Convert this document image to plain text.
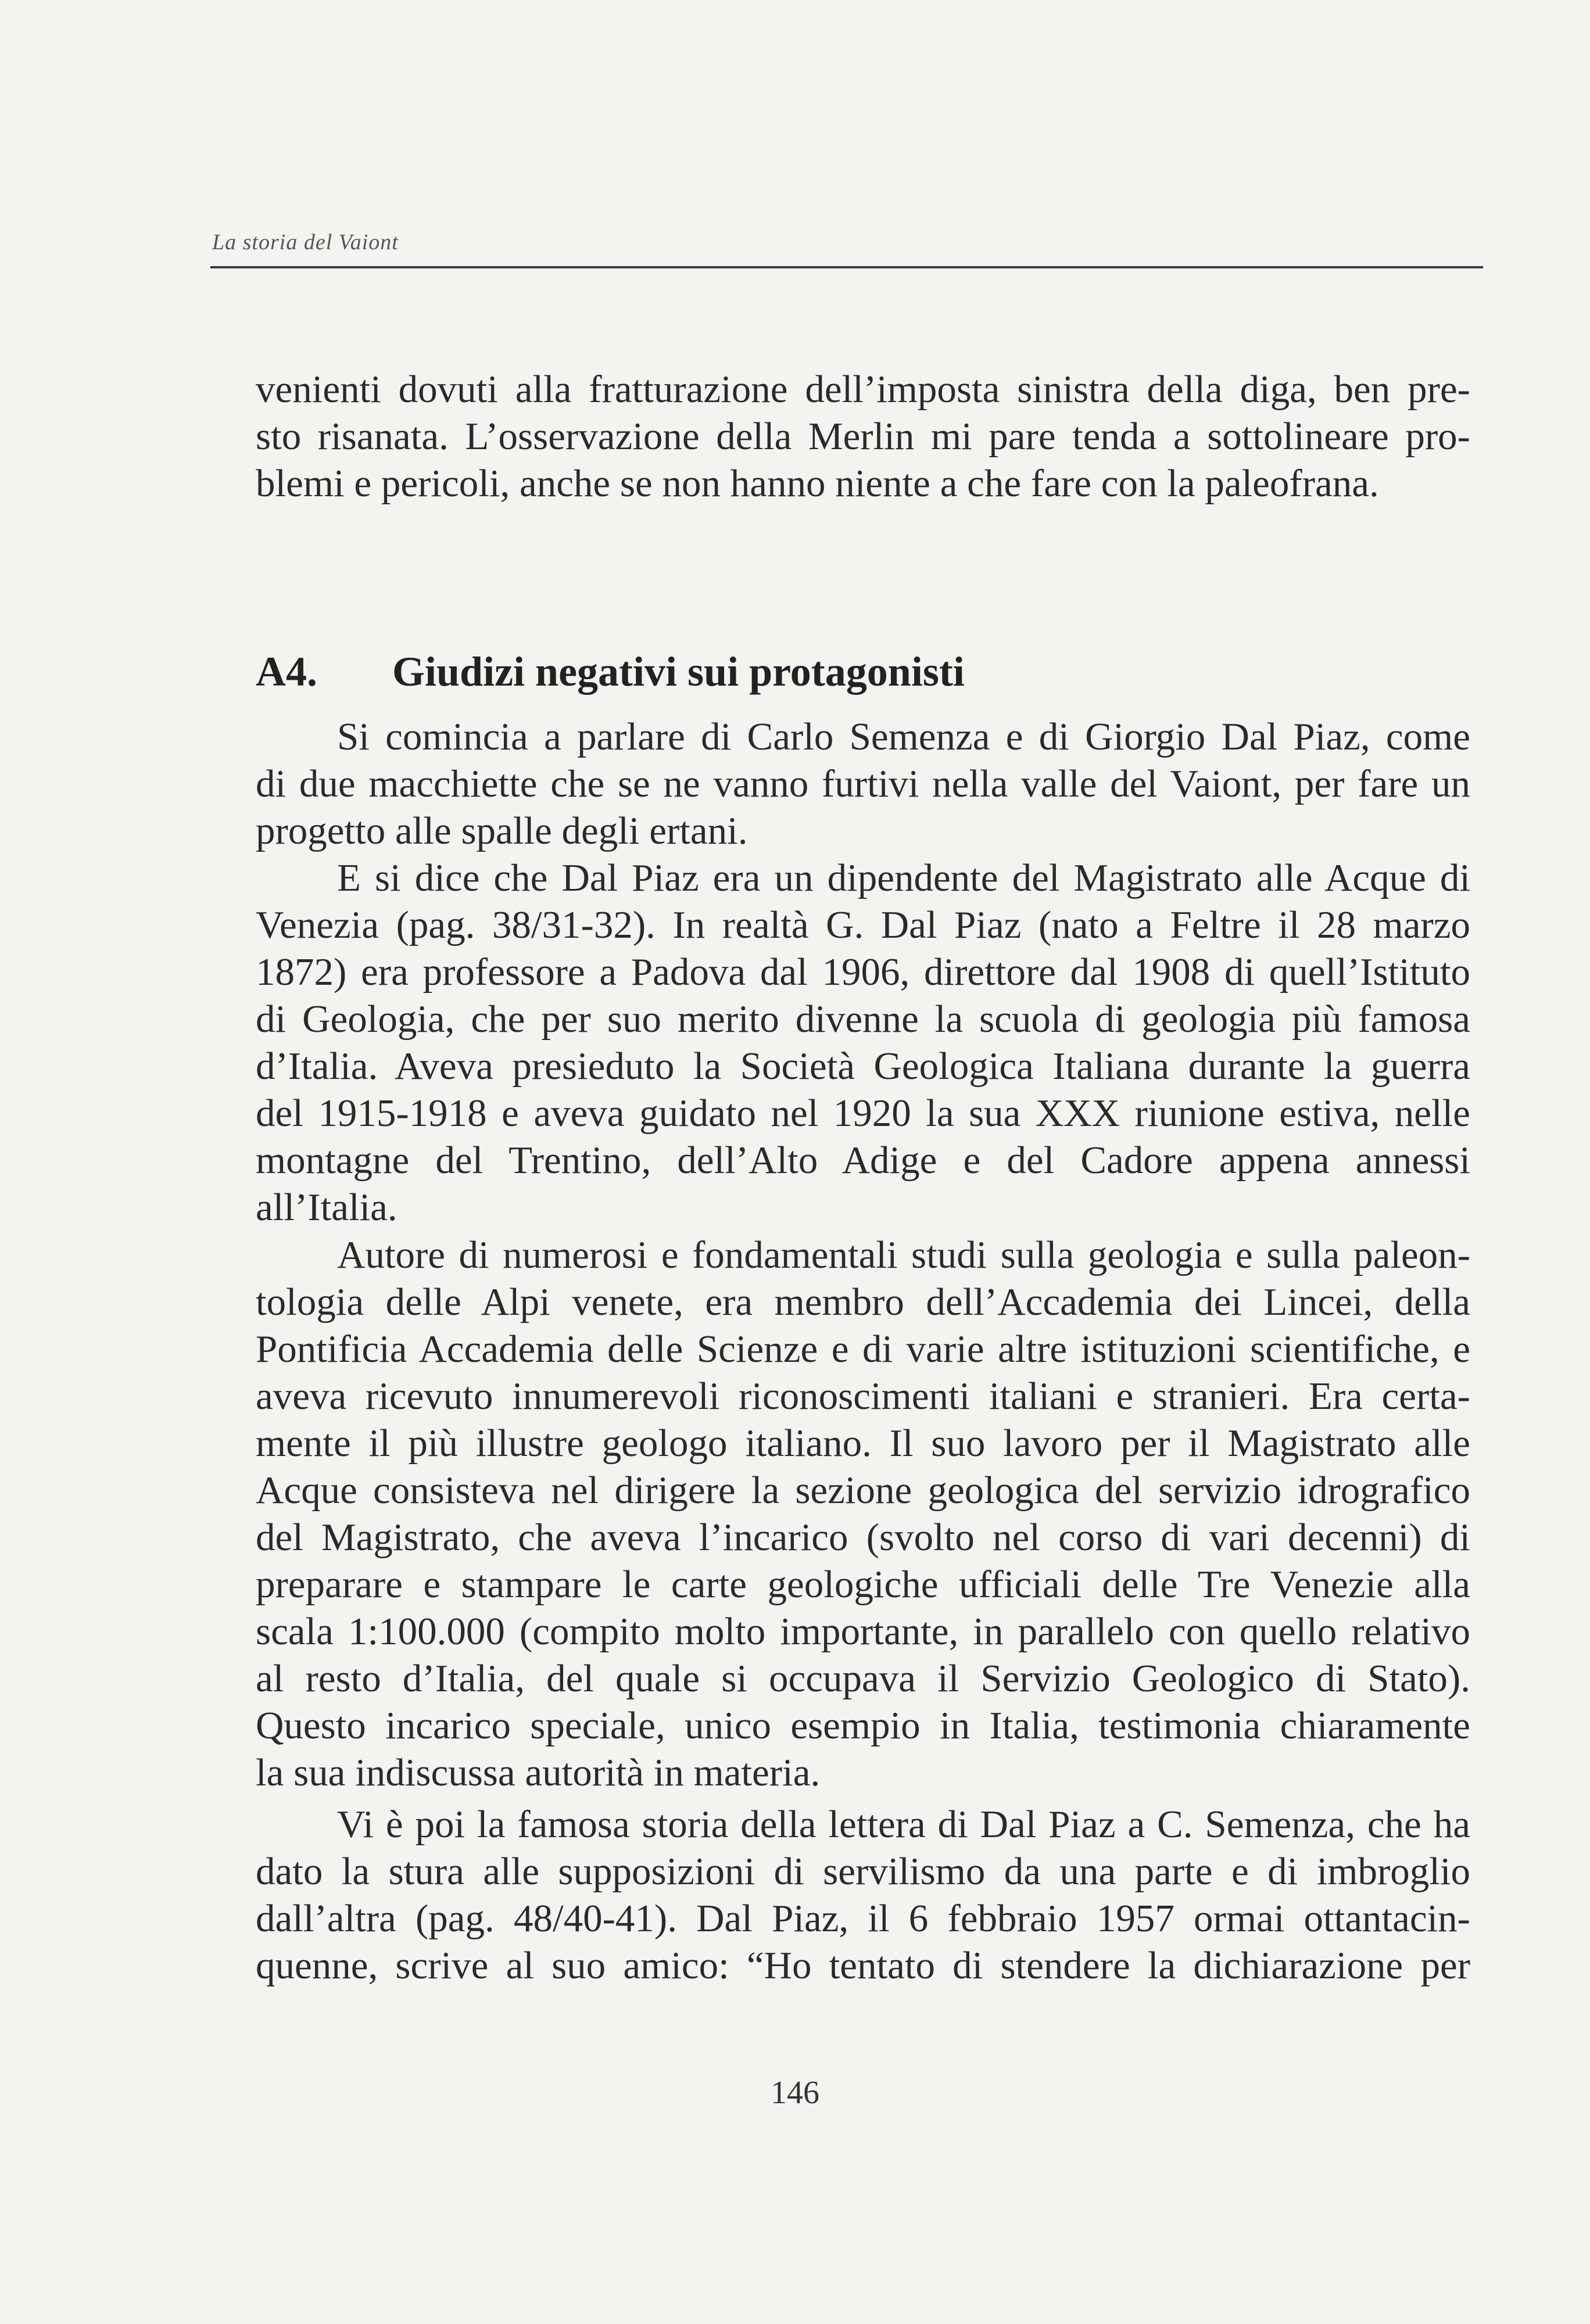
La storia del Vaiont
venienti dovuti alla fratturazione dell’imposta sinistra della diga, ben pre-
sto risanata. L’osservazione della Merlin mi pare tenda a sottolineare pro-
blemi e pericoli, anche se non hanno niente a che fare con la paleofrana.
A4. Giudizi negativi sui protagonisti
Si comincia a parlare di Carlo Semenza e di Giorgio Dal Piaz, come
di due macchiette che se ne vanno furtivi nella valle del Vaiont, per fare un
progetto alle spalle degli ertani.
E si dice che Dal Piaz era un dipendente del Magistrato alle Acque di
Venezia (pag. 38/31-32). In realtà G. Dal Piaz (nato a Feltre il 28 marzo
1872) era professore a Padova dal 1906, direttore dal 1908 di quell’Istituto
di Geologia, che per suo merito divenne la scuola di geologia più famosa
d’Italia. Aveva presieduto la Società Geologica Italiana durante la guerra
del 1915-1918 e aveva guidato nel 1920 la sua XXX riunione estiva, nelle
montagne del Trentino, dell’Alto Adige e del Cadore appena annessi
all’Italia.
Autore di numerosi e fondamentali studi sulla geologia e sulla paleon-
tologia delle Alpi venete, era membro dell’Accademia dei Lincei, della
Pontificia Accademia delle Scienze e di varie altre istituzioni scientifiche, e
aveva ricevuto innumerevoli riconoscimenti italiani e stranieri. Era certa-
mente il più illustre geologo italiano. Il suo lavoro per il Magistrato alle
Acque consisteva nel dirigere la sezione geologica del servizio idrografico
del Magistrato, che aveva l’incarico (svolto nel corso di vari decenni) di
preparare e stampare le carte geologiche ufficiali delle Tre Venezie alla
scala 1:100.000 (compito molto importante, in parallelo con quello relativo
al resto d’Italia, del quale si occupava il Servizio Geologico di Stato).
Questo incarico speciale, unico esempio in Italia, testimonia chiaramente
la sua indiscussa autorità in materia.
Vi è poi la famosa storia della lettera di Dal Piaz a C. Semenza, che ha
dato la stura alle supposizioni di servilismo da una parte e di imbroglio
dall’altra (pag. 48/40-41). Dal Piaz, il 6 febbraio 1957 ormai ottantacin-
quenne, scrive al suo amico: “Ho tentato di stendere la dichiarazione per
146
